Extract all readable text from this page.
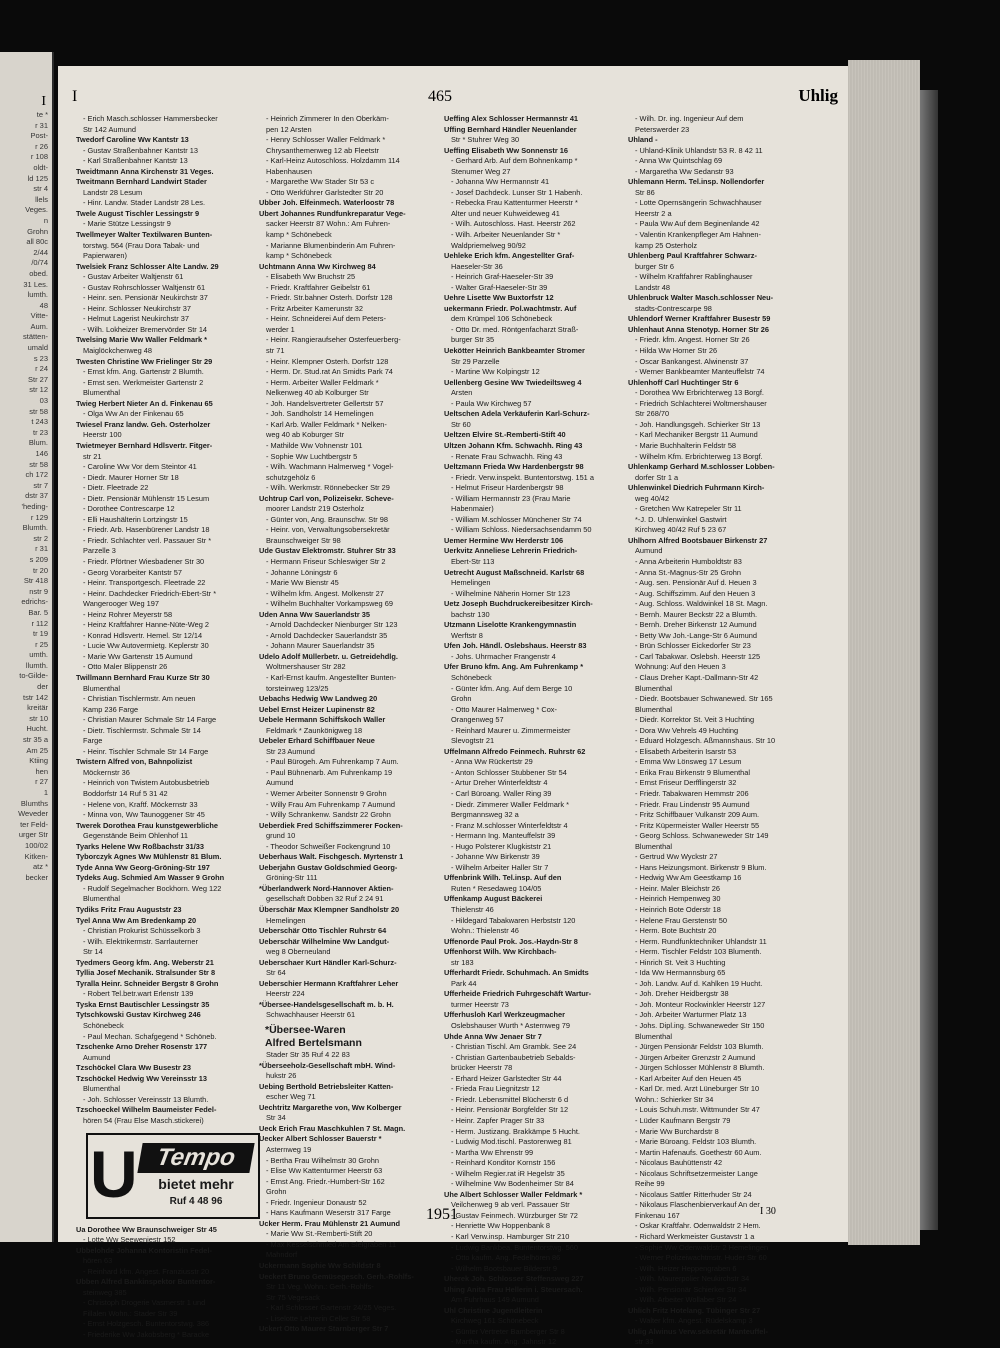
I
te *
r 31
Post-
r 26
r 108
oldt-
ld 125
str 4
llels
Veges.
n
Grohn
all 80c
2/44
/0/74
obed.
31 Les.
lumth.
48
Vitte-
Aum.
stätten-
umald
s 23
r 24
Str 27
str 12
03
str 58
t 243
tr 23
Blum.
146
str 58
ch 172
str 7
dstr 37
'heding-
r 129
Blumth.
str 2
r 31
s 209
tr 20
Str 418
nstr 9
edrichs-
Bar. 5
r 112
tr 19
r 25
umth.
llumth.
to-Gilde-
der
tstr 142
kreitär
str 10
Hucht.
str 35 a
Am 25
Ktiing
hen
r 27
1
Blumths
Weveder
ter Feld-
urger Str
100/02
Kitken-
atz *
becker
I	465	Uhlig
- Erich Masch.schlosser Hammersbecker
Str 142 Aumund
Twedorf Caroline Ww Kantstr 13
- Gustav Straßenbahner Kantstr 13
- Karl Straßenbahner Kantstr 13
Tweidtmann Anna Kirchenstr 31 Veges.
Tweitmann Bernhard Landwirt Stader
Landstr 28 Lesum
- Hinr. Landw. Stader Landstr 28 Les.
Twele August Tischler Lessingstr 9
- Marie Stütze Lessingstr 9
Twellmeyer Walter Textilwaren Bunten-
torstwg. 564 (Frau Dora Tabak- und
Papierwaren)
Twelsiek Franz Schlosser Alte Landw. 29
- Gustav Arbeiter Waltjenstr 61
- Gustav Rohrschlosser Waltjenstr 61
- Heinr. sen. Pensionär Neukirchstr 37
- Heinr. Schlosser Neukirchstr 37
- Helmut Lagerist Neukirchstr 37
- Wilh. Lokheizer Bremervörder Str 14
Twelsing Marie Ww Waller Feldmark *
Maiglöckchenweg 48
Twesten Christine Ww Frielinger Str 29
- Ernst kfm. Ang. Gartenstr 2 Blumth.
- Ernst sen. Werkmeister Gartenstr 2
Blumenthal
Twieg Herbert Nieter An d. Finkenau 65
- Olga Ww An der Finkenau 65
Twiesel Franz landw. Geh. Osterholzer
Heerstr 100
Twietmeyer Bernhard Hdlsvertr. Fitger-
str 21
- Caroline Ww Vor dem Steintor 41
- Diedr. Maurer Horner Str 18
- Dietr. Fleetrade 22
- Dietr. Pensionär Mühlenstr 15 Lesum
- Dorothee Contrescarpe 12
- Elli Haushälterin Lortzingstr 15
- Friedr. Arb. Hasenbürener Landstr 18
- Friedr. Schlachter verl. Passauer Str *
Parzelle 3
- Friedr. Pförtner Wiesbadener Str 30
- Georg Vorarbeiter Kantstr 57
- Heinr. Transportgesch. Fleetrade 22
- Heinr. Dachdecker Friedrich-Ebert-Str *
Wangerooger Weg 197
- Heinz Rohrer Meyerstr 58
- Heinz Kraftfahrer Hanne-Nüte-Weg 2
- Konrad Hdlsvertr. Hemel. Str 12/14
- Lucie Ww Autovermietg. Keplerstr 30
- Marie Ww Gartenstr 15 Aumund
- Otto Maler Blippenstr 26
Twillmann Bernhard Frau Kurze Str 30
Blumenthal
- Christian Tischlermstr. Am neuen
Kamp 236 Farge
- Christian Maurer Schmale Str 14 Farge
- Dietr. Tischlermstr. Schmale Str 14
Farge
- Heinr. Tischler Schmale Str 14 Farge
Twistern Alfred von, Bahnpolizist
Möckernstr 36
- Heinrich von Twistern Autobusbetrieb
Boddorfstr 14 Ruf 5 31 42
- Helene von, Kraftf. Möckernstr 33
- Minna von, Ww Taunoggener Str 45
Twerek Dorothea Frau kunstgewerbliche
Gegenstände Beim Ohlenhof 11
Tyarks Helene Ww Roßbachstr 31/33
Tyborczyk Agnes Ww Mühlenstr 81 Blum.
Tyde Anna Ww Georg-Gröning-Str 197
Tydeks Aug. Schmied Am Wasser 9 Grohn
- Rudolf Segelmacher Bockhorn. Weg 122
Blumenthal
Tydiks Fritz Frau Auguststr 23
Tyel Anna Ww Am Bredenkamp 20
- Christian Prokurist Schüsselkorb 3
- Wilh. Elektrikermstr. Sarrlauterner
Str 14
Tyedmers Georg kfm. Ang. Weberstr 21
Tyllia Josef Mechanik. Stralsunder Str 8
Tyralla Heinr. Schneider Bergstr 8 Grohn
- Robert Tel.betr.wart Erlenstr 139
Tyska Ernst Bautischler Lessingstr 35
Tytschkowski Gustav Kirchweg 246
Schönebeck
- Paul Mechan. Schafgegend * Schöneb.
Tzschenke Arno Dreher Rosenstr 177
Aumund
Tzschöckel Clara Ww Busestr 23
Tzschöckel Hedwig Ww Vereinsstr 13
Blumenthal
- Joh. Schlosser Vereinsstr 13 Blumth.
Tzschoeckel Wilhelm Baumeister Fedel-
hören 54 (Frau Else Masch.stickerei)
U Tempo
bietet mehr
Ruf 4 48 96
Ua Dorothee Ww Braunschweiger Str 45
- Lotte Ww Seewenjestr 152
Ubbelohde Johanna Kontoristin Fedel-
hören 63
- Reinhard kfm. Angest. Franziusstr 20
Ubben Alfred Bankinspektor Buntentor-
steinweg 385
- Christoph Drogerie Vasmerstr 1 und
Fillalen Wohn.: Stader Str 39
- Ernst Holzgesch. Buntentorstwg. 386
- Friederike Ww Jakobsberg * Baracke
- Heinrich Zimmerer In den Oberkäm-
pen 12 Arsten
- Henry Schlosser Waller Feldmark *
Chrysanthemenweg 12 ab Fleetstr
- Karl-Heinz Autoschloss. Holzdamm 114
Habenhausen
- Margarethe Ww Stader Str 53 c
- Otto Werkführer Garlstedter Str 20
Ubber Joh. Elfeinmech. Waterloostr 78
Ubert Johannes Rundfunkreparatur Vege-
sacker Heerstr 87 Wohn.: Am Fuhren-
kamp * Schönebeck
- Marianne Blumenbinderin Am Fuhren-
kamp * Schönebeck
Uchtmann Anna Ww Kirchweg 84
- Elisabeth Ww Bruchstr 25
- Friedr. Kraftfahrer Geibelstr 61
- Friedr. Str.bahner Osterh. Dorfstr 128
- Fritz Arbeiter Kamerunstr 32
- Heinr. Schneiderei Auf dem Peters-
werder 1
- Heinr. Rangieraufseher Osterfeuerberg-
str 71
- Heinr. Klempner Osterh. Dorfstr 128
- Herm. Dr. Stud.rat An Smidts Park 74
- Herm. Arbeiter Waller Feldmark *
Nelkenweg 40 ab Kolburger Str
- Joh. Handelsvertreter Gellertstr 57
- Joh. Sandholstr 14 Hemelingen
- Karl Arb. Waller Feldmark * Nelken-
weg 40 ab Koburger Str
- Mathilde Ww Vohnenstr 101
- Sophie Ww Luchtbergstr 5
- Wilh. Wachmann Halmerweg * Vogel-
schutzgehölz 6
- Wilh. Werkmstr. Rönnebecker Str 29
Uchtrup Carl von, Polizeisekr. Scheve-
moorer Landstr 219 Osterholz
- Günter von, Ang. Braunschw. Str 98
- Heinr. von, Verwaltungsobersekretär
Braunschweiger Str 98
Ude Gustav Elektromstr. Stuhrer Str 33
- Hermann Friseur Schleswiger Str 2
- Johanne Löningstr 6
- Marie Ww Bienstr 45
- Wilhelm kfm. Angest. Molkenstr 27
- Wilhelm Buchhalter Vorkampsweg 69
Uden Anna Ww Sauerlandstr 35
- Arnold Dachdecker Nienburger Str 123
- Arnold Dachdecker Sauerlandstr 35
- Johann Maurer Sauerlandstr 35
Udelo Adolf Müllerbetr. u. Getreidehdlg.
Woltmershauser Str 282
- Karl-Ernst kaufm. Angestellter Bunten-
torsteinweg 123/25
Uebachs Hedwig Ww Landweg 20
Uebel Ernst Heizer Lupinenstr 82
Uebele Hermann Schiffskoch Waller
Feldmark * Zaunkönigweg 18
Uebeler Erhard Schiffbauer Neue
Str 23 Aumund
- Paul Bürogeh. Am Fuhrenkamp 7 Aum.
- Paul Bühnenarb. Am Fuhrenkamp 19
Aumund
- Werner Arbeiter Sonnenstr 9 Grohn
- Willy Frau Am Fuhrenkamp 7 Aumund
- Willy Schrankenw. Sandstr 22 Grohn
Ueberdiek Fred Schiffszimmerer Focken-
grund 10
- Theodor Schweißer Fockengrund 10
Ueberhaus Walt. Fischgesch. Myrtenstr 1
Ueberjahn Gustav Goldschmied Georg-
Gröning-Str 111
*Überlandwerk Nord-Hannover Aktien-
gesellschaft Dobben 32 Ruf 2 24 91
Überschär Max Klempner Sandholstr 20
Hemelingen
Ueberschär Otto Tischler Ruhrstr 64
Ueberschär Wilhelmine Ww Landgut-
weg 8 Oberneuland
Ueberschaer Kurt Händler Karl-Schurz-
Str 64
Ueberschier Hermann Kraftfahrer Leher
Heerstr 224
*Übersee-Handelsgesellschaft m. b. H.
Schwachhauser Heerstr 61
*Übersee-Waren
Alfred Bertelsmann
Stader Str 35 Ruf 4 22 83
*Überseeholz-Gesellschaft mbH. Wind-
hukstr 26
Uebing Berthold Betriebsleiter Katten-
escher Weg 71
Uechtritz Margarethe von, Ww Kolberger
Str 34
Ueck Erich Frau Maschkuhlen 7 St. Magn.
Uecker Albert Schlosser Bauerstr *
Asternweg 19
- Bertha Frau Wilhelmstr 30 Grohn
- Elise Ww Kattenturmer Heerstr 63
- Ernst Ang. Friedr.-Humbert-Str 162
Grohn
- Friedr. Ingenieur Donaustr 52
- Hans Kaufmann Weserstr 317 Farge
Ucker Herm. Frau Mühlenstr 21 Aumund
- Marie Ww St.-Remberti-Stift 20
- Max Kesselschmied Am Sielgraben 11
Mahndorf
Uckermann Sophie Ww Schildstr 8
Ueckert Bruno Gemüsegesch. Gerh.-Rohlfs-
Str 11 Veg. Wohn.: Gerh.-Rohlfs-
Str 75 Vegesack
- Karl Schlosser Gartenstr 24/25 Veges.
- Liselotte Lehrerin Celler Str 58
Uckert Otto Maurer Starnberger Str 7
Ueffing Alex Schlosser Hermannstr 41
Uffing Bernhard Händler Neuenlander
Str * Stuhrer Weg 30
Ueffing Elisabeth Ww Sonnenstr 16
- Gerhard Arb. Auf dem Bohnenkamp *
Stenumer Weg 27
- Johanna Ww Hermannstr 41
- Josef Dachdeck. Lunser Str 1 Habenh.
- Rebecka Frau Kattenturmer Heerstr *
Alter und neuer Kuhweideweg 41
- Wilh. Autoschloss. Hast. Heerstr 262
- Wilh. Arbeiter Neuenlander Str *
Waldpriemelweg 90/92
Uehleke Erich kfm. Angestellter Graf-
Haeseler-Str 36
- Heinrich Graf-Haeseler-Str 39
- Walter Graf-Haeseler-Str 39
Uehre Lisette Ww Buxtorfstr 12
uekermann Friedr. Pol.wachtmstr. Auf
dem Krümpel 106 Schönebeck
- Otto Dr. med. Röntgenfacharzt Straß-
burger Str 35
Uekötter Heinrich Bankbeamter Stromer
Str 29 Parzelle
- Martine Ww Kolpingstr 12
Uellenberg Gesine Ww Twiedeiltsweg 4
Arsten
- Paula Ww Kirchweg 57
Ueltschen Adela Verkäuferin Karl-Schurz-
Str 60
Ueltzen Elvire St.-Remberti-Stift 40
Ultzen Johann Kfm. Schwachh. Ring 43
- Renate Frau Schwachh. Ring 43
Ueltzmann Frieda Ww Hardenbergstr 98
- Friedr. Verw.inspekt. Buntentorstwg. 151 a
- Helmut Friseur Hardenbergstr 98
- William Hermannstr 23 (Frau Marie
Habenmaier)
- William M.schlosser Münchener Str 74
- William Schloss. Niedersachsendamm 50
Uemer Hermine Ww Herderstr 106
Uerkvitz Anneliese Lehrerin Friedrich-
Ebert-Str 113
Uetrecht August Maßschneid. Karlstr 68
Hemelingen
- Wilhelmine Näherin Horner Str 123
Uetz Joseph Buchdruckereibesitzer Kirch-
bachstr 130
Utzmann Liselotte Krankengymnastin
Werftstr 8
Ufen Joh. Händl. Oslebshaus. Heerstr 83
- Johs. Uhrmacher Frangenstr 4
Ufer Bruno kfm. Ang. Am Fuhrenkamp *
Schönebeck
- Günter kfm. Ang. Auf dem Berge 10
Grohn
- Otto Maurer Halmerweg * Cox-
Orangenweg 57
- Reinhard Maurer u. Zimmermeister
Slevogtstr 21
Uffelmann Alfredo Feinmech. Ruhrstr 62
- Anna Ww Rückertstr 29
- Anton Schlosser Stubbener Str 54
- Artur Dreher Winterfeldtstr 4
- Carl Bürоang. Waller Ring 39
- Diedr. Zimmerer Waller Feldmark *
Bergmannsweg 32 a
- Franz M.schlosser Winterfeldtstr 4
- Hermann Ing. Manteuffelstr 39
- Hugo Polsterer Klugkiststr 21
- Johanne Ww Birkenstr 39
- Wilhelm Arbeiter Haller Str 7
Uffenbrink Wilh. Tel.insp. Auf den
Ruten * Resedaweg 104/05
Uffenkamp August Bäckerei
Thielenstr 46
- Hildegard Tabakwaren Herbststr 120
Wohn.: Thielenstr 46
Uffenorde Paul Prok. Jos.-Haydn-Str 8
Uffenhorst Wilh. Ww Kirchbach-
str 183
Ufferhardt Friedr. Schuhmach. An Smidts
Park 44
Ufferheide Friedrich Fuhrgeschäft Wartur-
turmer Heerstr 73
Ufferhusloh Karl Werkzeugmacher
Oslebshauser Wurth * Asternweg 79
Uhde Anna Ww Jenaer Str 7
- Christian Tischl. Am Grambk. See 24
- Christian Gartenbaubetrieb Sebalds-
brücker Heerstr 78
- Erhard Heizer Garlstedter Str 44
- Frieda Frau Liegnitzstr 12
- Friedr. Lebensmittel Blücherstr 6 d
- Heinr. Pensionär Borgfelder Str 12
- Heinr. Zapfer Prager Str 33
- Herm. Justizang. Brakkämpe 5 Hucht.
- Ludwig Mod.tischl. Pastorenweg 81
- Martha Ww Ehrenstr 99
- Reinhard Konditor Kornstr 156
- Wilhelm Regier.rat iR Hegelstr 35
- Wilhelmine Ww Bodenheimer Str 84
Uhe Albert Schlosser Waller Feldmark *
Veilchenweg 9 ab verl. Passauer Str
- Gustav Feinmech. Würzburger Str 72
- Henriette Ww Hoppenbank 8
- Karl Verw.insp. Hamburger Str 210
- Ludwig Bankbea. Buntentorstwg. 560
- Otto kaufm. Ang. Fedelhören 86
- Wilhelm Bootsbauer Bilderstr 9
Uherek Joh. Schlosser Steffensweg 227
Uhing Anita Frau Hellerin i. Steuersach.
Am Fuhrhaus 149 Aumund
Uhl Christine Jugendleiterin
Kirchweg 161 Schönebeck
- Günter Vertreter Bamberger Str 8
- Martha kaufm. Ang. Jahnstr 12
- Wilh. Dr. ing. Ingenieur Auf dem
Peterswerder 23
Uhland -
- Uhland-Klinik Uhlandstr 53 R. 8 42 11
- Anna Ww Quintschlag 69
- Margaretha Ww Sedanstr 93
Uhlemann Herm. Tel.insp. Nollendorfer
Str 86
- Lotte Opernsängerin Schwachhauser
Heerstr 2 a
- Paula Ww Auf dem Beginenlande 42
- Valentin Krankenpfleger Am Hahnen-
kamp 25 Osterholz
Uhlenberg Paul Kraftfahrer Schwarz-
burger Str 6
- Wilhelm Kraftfahrer Rablinghauser
Landstr 48
Uhlenbruck Walter Masch.schlosser Neu-
stadts-Contrescarpe 98
Uhlendorf Werner Kraftfahrer Busestr 59
Uhlenhaut Anna Stenotyp. Horner Str 26
- Friedr. kfm. Angest. Horner Str 26
- Hilda Ww Horner Str 26
- Oscar Bankangest. Alwinenstr 37
- Werner Bankbeamter Manteuffelstr 74
Uhlenhoff Carl Huchtinger Str 6
- Dorothea Ww Erbrichterweg 13 Borgf.
- Friedrich Schlachterei Woltmershauser
Str 268/70
- Joh. Handlungsgeh. Schierker Str 13
- Karl Mechaniker Bergstr 11 Aumund
- Marie Buchhalterin Feldstr 58
- Wilhelm Kfm. Erbrichterweg 13 Borgf.
Uhlenkamp Gerhard M.schlosser Lobben-
dorfer Str 1 a
Uhlenwinkel Diedrich Fuhrmann Kirch-
weg 40/42
- Gretchen Ww Katrepeler Str 11
*-J. D. Uhlenwinkel Gastwirt
Kirchweg 40/42 Ruf 5 23 67
Uhlhorn Alfred Bootsbauer Birkenstr 27
Aumund
- Anna Arbeiterin Humboldtstr 83
- Anna St.-Magnus-Str 25 Grohn
- Aug. sen. Pensionär Auf d. Heuen 3
- Aug. Schiffszimm. Auf den Heuen 3
- Aug. Schloss. Waldwinkel 18 St. Magn.
- Bernh. Maurer Beckstr 22 a Blumth.
- Bernh. Dreher Birkenstr 12 Aumund
- Betty Ww Joh.-Lange-Str 6 Aumund
- Brün Schlosser Eickedorfer Str 23
- Carl Tabakwar. Oslebsh. Heerstr 125
Wohnung: Auf den Heuen 3
- Claus Dreher Kapt.-Dallmann-Str 42
Blumenthal
- Diedr. Bootsbauer Schwanewed. Str 165
Blumenthal
- Diedr. Korrektor St. Veit 3 Huchting
- Dora Ww Vehrels 49 Huchting
- Eduard Holzgesch. Aßmannshaus. Str 10
- Elisabeth Arbeiterin Isarstr 53
- Emma Ww Lönsweg 17 Lesum
- Erika Frau Birkenstr 9 Blumenthal
- Ernst Friseur Derfflingerstr 32
- Friedr. Tabakwaren Hemmstr 206
- Friedr. Frau Lindenstr 95 Aumund
- Fritz Schiffbauer Vulkanstr 209 Aum.
- Fritz Küpermeister Waller Heerstr 55
- Georg Schloss. Schwaneweder Str 149
Blumenthal
- Gertrud Ww Wyckstr 27
- Hans Heizungsmont. Birkenstr 9 Blum.
- Hedwig Ww Am Geestkamp 16
- Heinr. Maler Bleichstr 26
- Heinrich Hempenweg 30
- Heinrich Bote Oderstr 18
- Helene Frau Gerstenstr 50
- Herm. Bote Buchtstr 20
- Herm. Rundfunktechniker Uhlandstr 11
- Herm. Tischler Feldstr 103 Blumenth.
- Hinrich St. Veit 3 Huchting
- Ida Ww Hermannsburg 65
- Joh. Landw. Auf d. Kahlken 19 Hucht.
- Joh. Dreher Heidbergstr 38
- Joh. Monteur Rockwinkler Heerstr 127
- Joh. Arbeiter Warturmer Platz 13
- Johs. Dipl.ing. Schwaneweder Str 150
Blumenthal
- Jürgen Pensionär Feldstr 103 Blumth.
- Jürgen Arbeiter Grenzstr 2 Aumund
- Jürgen Schlosser Mühlenstr 8 Blumth.
- Karl Arbeiter Auf den Heuen 45
- Karl Dr. med. Arzt Lüneburger Str 10
Wohn.: Schierker Str 34
- Louis Schuh.mstr. Wittmunder Str 47
- Lüder Kaufmann Bergstr 79
- Marie Ww Burchardstr 8
- Marie Büroang. Feldstr 103 Blumth.
- Martin Hafenaufs. Goethestr 60 Aum.
- Nicolaus Bauhüttenstr 42
- Nicolaus Schriftsetzermeister Lange
Reihe 99
- Nicolaus Sattler Ritterhuder Str 24
- Nikolaus Flaschenbierverkauf An der
Finkenau 167
- Oskar Kraftfahr. Odenwaldstr 2 Hem.
- Richard Werkmeister Gustavstr 1 a
- Sophie Ww Odenwaldstr 2 Hemelingen
- Werner Polizeiwachtmstr. Huder Str 60
- Wilh. Heizer Heppengraben 6
- Wilh. Maurerpolier Neukirchstr 34
- Wilh. Pensionär Schierker Str 34
- Wilh. Arbeiter Wollaber Str 24
Uhlich Fritz Hotelang. Tübinger Str 27
- Walter kfm. Angest. Rüdelskamp 3
Uhlig Alwinus Verw.sekretär Manteuffel-
str 33
1951	I 30
